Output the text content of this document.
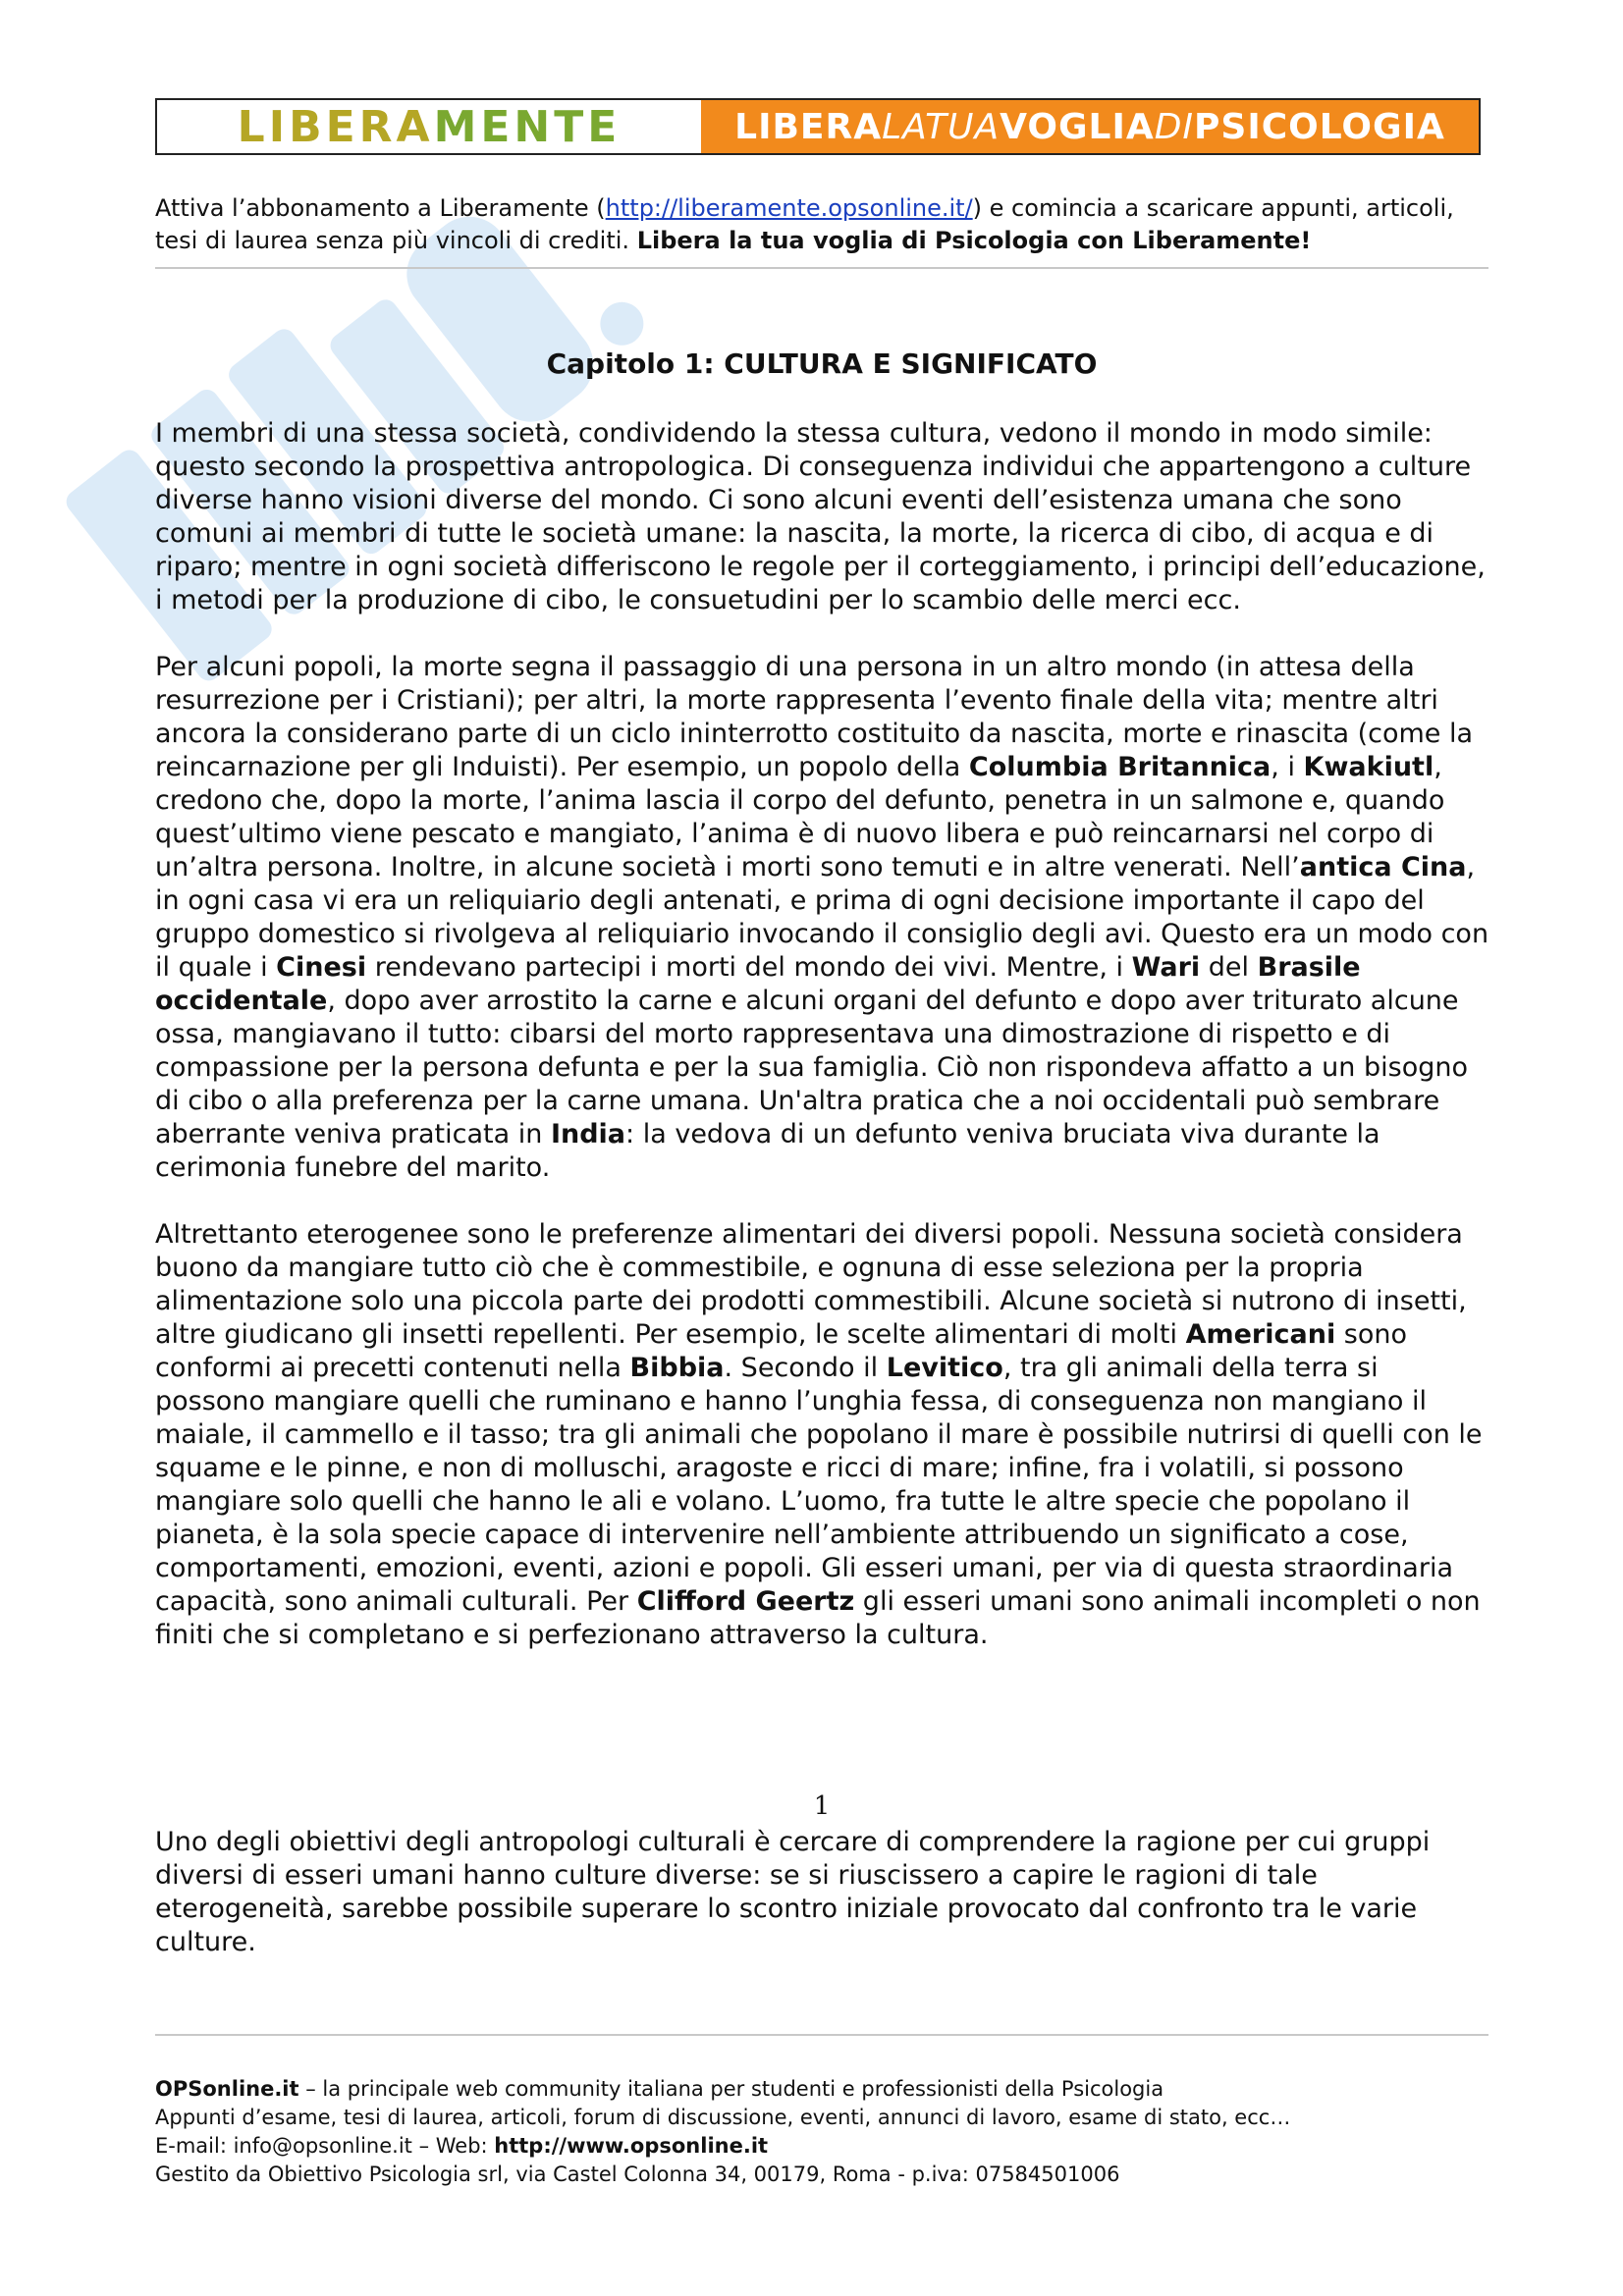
LIBERA MENTE	LIBERA LATUA VOGLIA DI PSICOLOGIA
Attiva l’abbonamento a Liberamente (http://liberamente.opsonline.it/) e comincia a scaricare appunti, articoli, tesi di laurea senza più vincoli di crediti. Libera la tua voglia di Psicologia con Liberamente!
Capitolo 1: CULTURA E SIGNIFICATO

I membri di una stessa società, condividendo la stessa cultura, vedono il mondo in modo simile: questo secondo la prospettiva antropologica. Di conseguenza individui che appartengono a culture diverse hanno visioni diverse del mondo. Ci sono alcuni eventi dell’esistenza umana che sono comuni ai membri di tutte le società umane: la nascita, la morte, la ricerca di cibo, di acqua e di riparo; mentre in ogni società differiscono le regole per il corteggiamento, i principi dell’educazione, i metodi per la produzione di cibo, le consuetudini per lo scambio delle merci ecc.

Per alcuni popoli, la morte segna il passaggio di una persona in un altro mondo (in attesa della resurrezione per i Cristiani); per altri, la morte rappresenta l’evento finale della vita; mentre altri ancora la considerano parte di un ciclo ininterrotto costituito da nascita, morte e rinascita (come la reincarnazione per gli Induisti). Per esempio, un popolo della Columbia Britannica, i Kwakiutl, credono che, dopo la morte, l’anima lascia il corpo del defunto, penetra in un salmone e, quando quest’ultimo viene pescato e mangiato, l’anima è di nuovo libera e può reincarnarsi nel corpo di un’altra persona. Inoltre, in alcune società i morti sono temuti e in altre venerati. Nell’antica Cina, in ogni casa vi era un reliquiario degli antenati, e prima di ogni decisione importante il capo del gruppo domestico si rivolgeva al reliquiario invocando il consiglio degli avi. Questo era un modo con il quale i Cinesi rendevano partecipi i morti del mondo dei vivi. Mentre, i Wari del Brasile occidentale, dopo aver arrostito la carne e alcuni organi del defunto e dopo aver triturato alcune ossa, mangiavano il tutto: cibarsi del morto rappresentava una dimostrazione di rispetto e di compassione per la persona defunta e per la sua famiglia. Ciò non rispondeva affatto a un bisogno di cibo o alla preferenza per la carne umana. Un'altra pratica che a noi occidentali può sembrare aberrante veniva praticata in India: la vedova di un defunto veniva bruciata viva durante la cerimonia funebre del marito.

Altrettanto eterogenee sono le preferenze alimentari dei diversi popoli. Nessuna società considera buono da mangiare tutto ciò che è commestibile, e ognuna di esse seleziona per la propria alimentazione solo una piccola parte dei prodotti commestibili. Alcune società si nutrono di insetti, altre giudicano gli insetti repellenti. Per esempio, le scelte alimentari di molti Americani sono conformi ai precetti contenuti nella Bibbia. Secondo il Levitico, tra gli animali della terra si possono mangiare quelli che ruminano e hanno l’unghia fessa, di conseguenza non mangiano il maiale, il cammello e il tasso; tra gli animali che popolano il mare è possibile nutrirsi di quelli con le squame e le pinne, e non di molluschi, aragoste e ricci di mare; infine, fra i volatili, si possono mangiare solo quelli che hanno le ali e volano. L’uomo, fra tutte le altre specie che popolano il pianeta, è la sola specie capace di intervenire nell’ambiente attribuendo un significato a cose, comportamenti, emozioni, eventi, azioni e popoli. Gli esseri umani, per via di questa straordinaria capacità, sono animali culturali. Per Clifford Geertz gli esseri umani sono animali incompleti o non finiti che si completano e si perfezionano attraverso la cultura.

1

Uno degli obiettivi degli antropologi culturali è cercare di comprendere la ragione per cui gruppi diversi di esseri umani hanno culture diverse: se si riuscissero a capire le ragioni di tale eterogeneità, sarebbe possibile superare lo scontro iniziale provocato dal confronto tra le varie culture.

OPSonline.it – la principale web community italiana per studenti e professionisti della Psicologia
Appunti d’esame, tesi di laurea, articoli, forum di discussione, eventi, annunci di lavoro, esame di stato, ecc…
E-mail: info@opsonline.it – Web: http://www.opsonline.it
Gestito da Obiettivo Psicologia srl, via Castel Colonna 34, 00179, Roma - p.iva: 07584501006
